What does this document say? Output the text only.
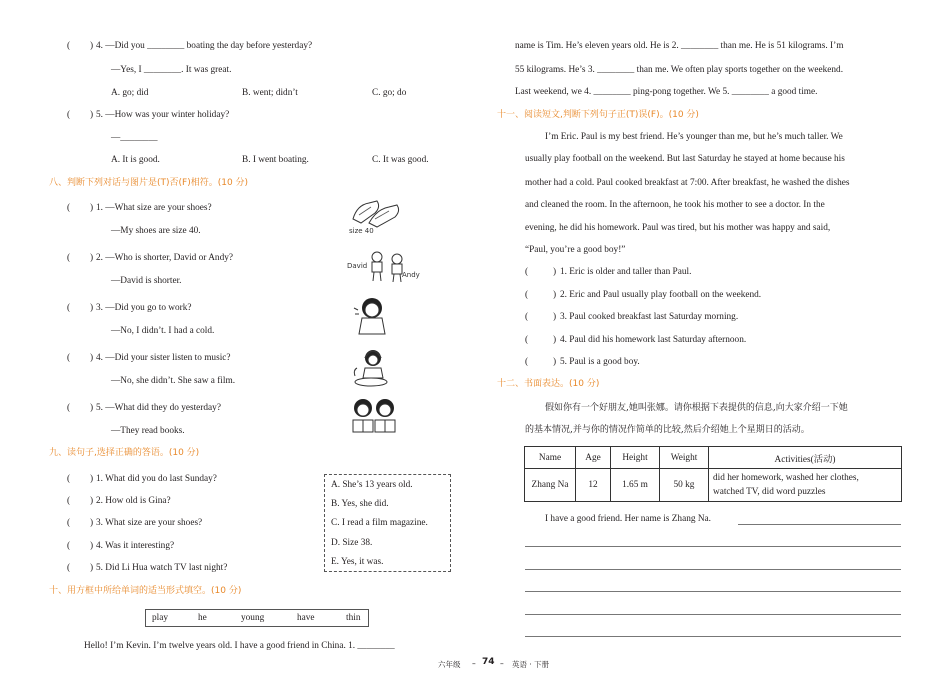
( ) 4. —Did you ________ boating the day before yesterday?
—Yes, I ________. It was great.
A. go; did	B. went; didn’t	C. go; do
( ) 5. —How was your winter holiday?
—________
A. It is good.	B. I went boating.	C. It was good.
八、判断下列对话与图片是(T)否(F)相符。(10 分)
( ) 1. —What size are your shoes?
—My shoes are size 40.	size 40
( ) 2. —Who is shorter, David or Andy?
—David is shorter.
David
Andy
( ) 3. —Did you go to work?
—No, I didn’t. I had a cold.
( ) 4. —Did your sister listen to music?
—No, she didn’t. She saw a film.
( ) 5. —What did they do yesterday?
—They read books.
九、读句子,选择正确的答语。(10 分)
( ) 1. What did you do last Sunday?
( ) 2. How old is Gina?
( ) 3. What size are your shoes?
( ) 4. Was it interesting?
( ) 5. Did Li Hua watch TV last night?
A. She’s 13 years old.
B. Yes, she did.
C. I read a film magazine.
D. Size 38.
E. Yes, it was.
十、用方框中所给单词的适当形式填空。(10 分)
play	he	young	have	thin
Hello! I’m Kevin. I’m twelve years old. I have a good friend in China. 1. ________
name is Tim. He’s eleven years old. He is 2. ________ than me. He is 51 kilograms. I’m
55 kilograms. He’s 3. ________ than me. We often play sports together on the weekend.
Last weekend, we 4. ________ ping-pong together. We 5. ________ a good time.
十一、阅读短文,判断下列句子正(T)误(F)。(10 分)
I’m Eric. Paul is my best friend. He’s younger than me, but he’s much taller. We
usually play football on the weekend. But last Saturday he stayed at home because his
mother had a cold. Paul cooked breakfast at 7:00. After breakfast, he washed the dishes
and cleaned the room. In the afternoon, he took his mother to see a doctor. In the
evening, he did his homework. Paul was tired, but his mother was happy and said,
“Paul, you’re a good boy!”
(	) 1. Eric is older and taller than Paul.
(	) 2. Eric and Paul usually play football on the weekend.
(	) 3. Paul cooked breakfast last Saturday morning.
(	) 4. Paul did his homework last Saturday afternoon.
(	) 5. Paul is a good boy.
十二、书面表达。(10 分)
假如你有一个好朋友,她叫张娜。请你根据下表提供的信息,向大家介绍一下她
的基本情况,并与你的情况作简单的比较,然后介绍她上个星期日的活动。
Name	Age	Height	Weight	Activities(活动)
Zhang Na	12	1.65 m	50 kg	did her homework, washed her clothes,
watched TV, did word puzzles
I have a good friend. Her name is Zhang Na.
六年级 – 74 – 英语 · 下册
